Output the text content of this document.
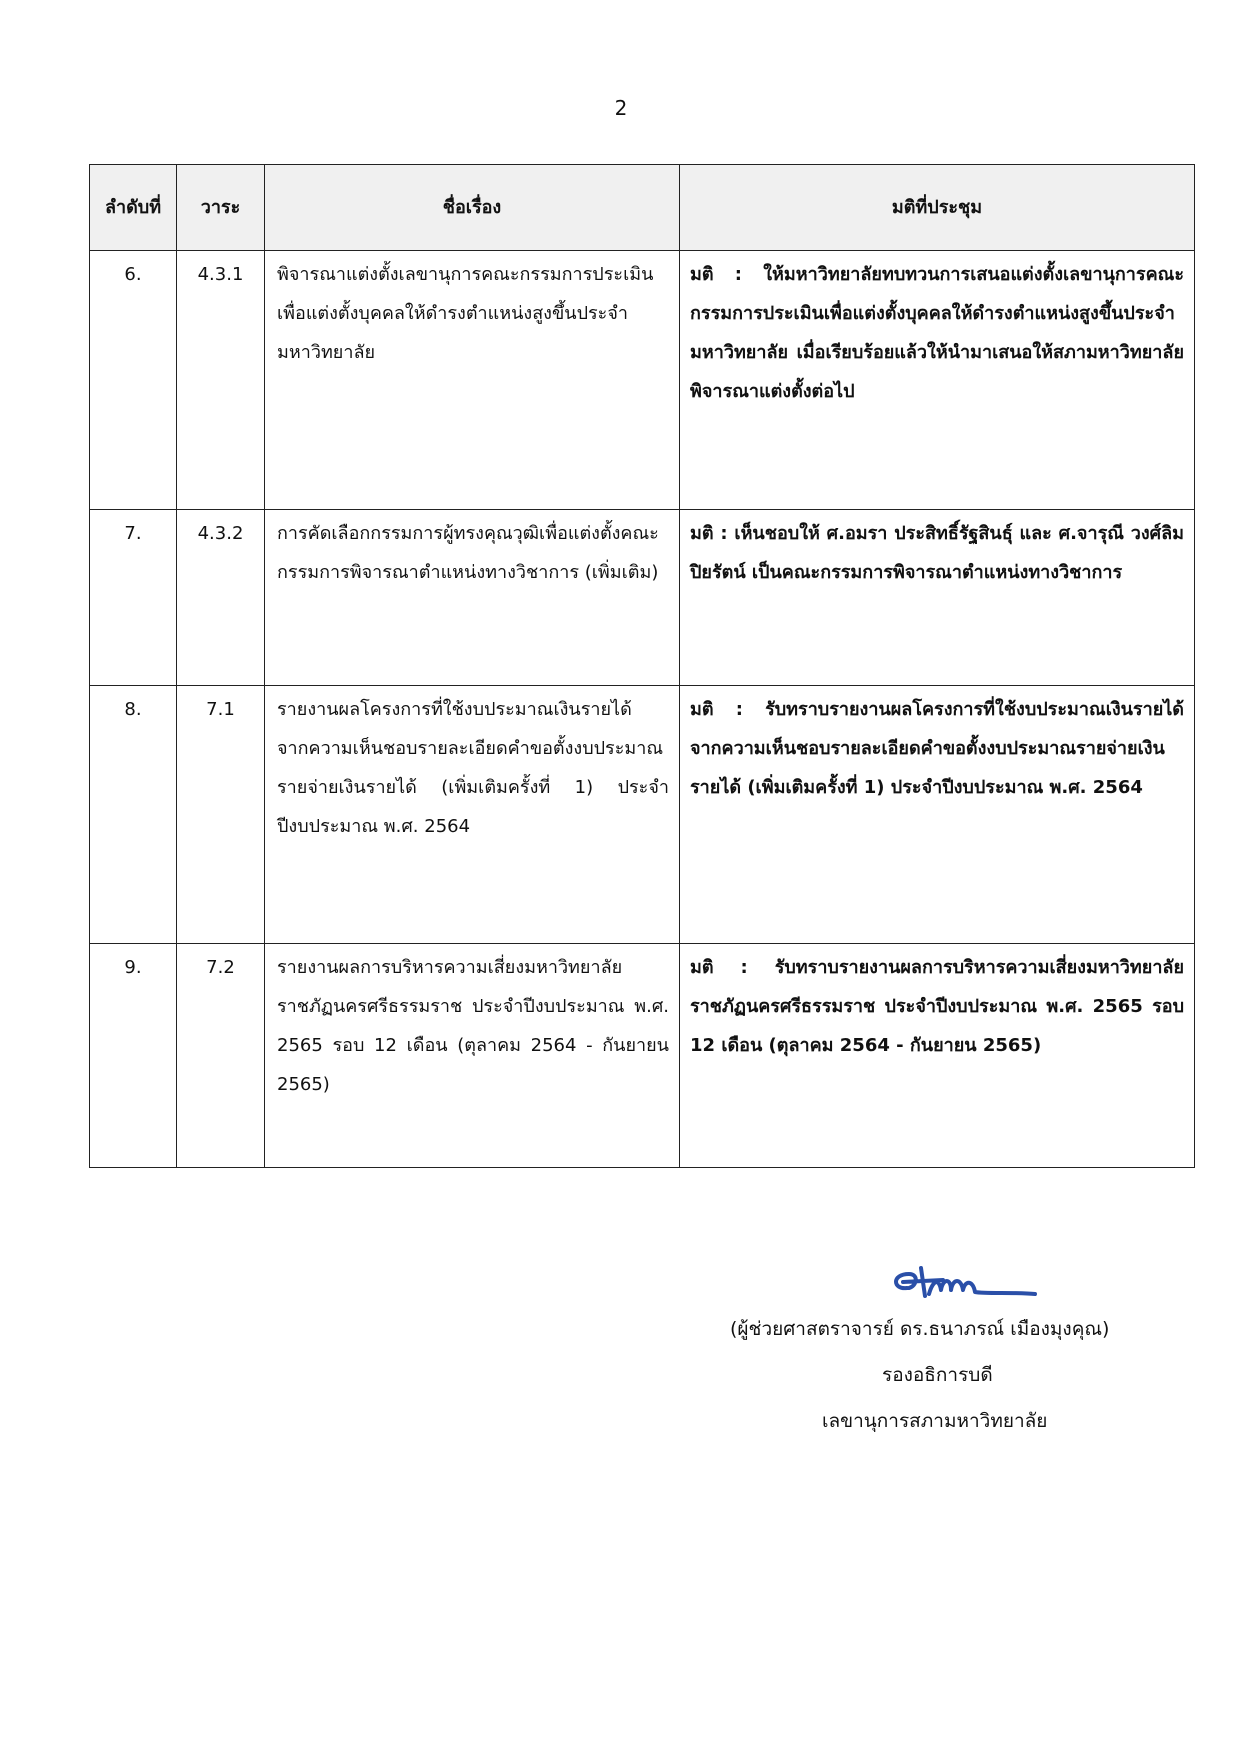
2
ลำดับที่	วาระ	ชื่อเรื่อง	มติที่ประชุม
6.	4.3.1	พิจารณาแต่งตั้งเลขานุการคณะกรรมการประเมินเพื่อแต่งตั้งบุคคลให้ดำรงตำแหน่งสูงขึ้นประจำมหาวิทยาลัย	มติ : ให้มหาวิทยาลัยทบทวนการเสนอแต่งตั้งเลขานุการคณะกรรมการประเมินเพื่อแต่งตั้งบุคคลให้ดำรงตำแหน่งสูงขึ้นประจำมหาวิทยาลัย เมื่อเรียบร้อยแล้วให้นำมาเสนอให้สภามหาวิทยาลัย พิจารณาแต่งตั้งต่อไป
7.	4.3.2	การคัดเลือกกรรมการผู้ทรงคุณวุฒิเพื่อแต่งตั้งคณะกรรมการพิจารณาตำแหน่งทางวิชาการ (เพิ่มเติม)	มติ : เห็นชอบให้ ศ.อมรา ประสิทธิ์รัฐสินธุ์ และ ศ.จารุณี วงศ์ลิมปิยรัตน์ เป็นคณะกรรมการพิจารณาตำแหน่งทางวิชาการ
8.	7.1	รายงานผลโครงการที่ใช้งบประมาณเงินรายได้ จากความเห็นชอบรายละเอียดคำขอตั้งงบประมาณรายจ่ายเงินรายได้ (เพิ่มเติมครั้งที่ 1) ประจำปีงบประมาณ พ.ศ. 2564	มติ : รับทราบรายงานผลโครงการที่ใช้งบประมาณเงินรายได้ จากความเห็นชอบรายละเอียดคำขอตั้งงบประมาณรายจ่ายเงินรายได้ (เพิ่มเติมครั้งที่ 1) ประจำปีงบประมาณ พ.ศ. 2564
9.	7.2	รายงานผลการบริหารความเสี่ยงมหาวิทยาลัยราชภัฏนครศรีธรรมราช ประจำปีงบประมาณ พ.ศ. 2565 รอบ 12 เดือน (ตุลาคม 2564 - กันยายน 2565)	มติ : รับทราบรายงานผลการบริหารความเสี่ยงมหาวิทยาลัยราชภัฏนครศรีธรรมราช ประจำปีงบประมาณ พ.ศ. 2565 รอบ 12 เดือน (ตุลาคม 2564 - กันยายน 2565)
(ผู้ช่วยศาสตราจารย์ ดร.ธนาภรณ์ เมืองมุงคุณ)
รองอธิการบดี
เลขานุการสภามหาวิทยาลัย
